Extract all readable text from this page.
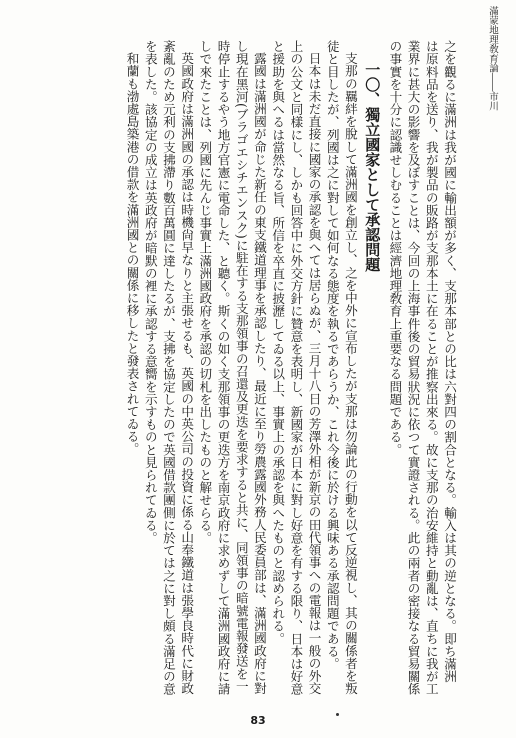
滿蒙地理敎育論――市川

之を觀るに滿洲は我が國に輸出額が多く、支那本部との比は六對四の割合となる。輸入は其の逆となる。即ち滿洲

は原料品を送り、我が製品の販路が支那本土に在ることが推察出來る。故に支那の治安維持と動亂は、直ちに我が工

業界に甚大の影響を及ぼすことは、今回の上海事件後の貿易狀況に依つて實證される。此の兩者の密接なる貿易關係

の事實を十分に認識せしむることは經濟地理敎育上重要なる問題である。

一〇、獨立國家として承認問題

支那の羈絆を脫して滿洲國を創立し、之を中外に宣布したが支那は勿論此の行動を以て反逆視し、其の關係者を叛

徒と目したが、列國は之に對して如何なる態度を執るであらうか、これ今後に於ける興味ある承認問題である。

日本は未だ直接に國家の承認を與へては居らぬが、三月十八日の芳澤外相が新京の田代領事への電報は一般の外交

上の公文と同樣にし、しかも回答中に外交方針に贊意を表明し、新國家が日本に對し好意を有する限り、日本は好意

と援助を與へるは當然なる旨、所信を卒直に披瀝してゐる以上、事實上の承認を與へたものと認められる。

露國は滿洲國が命じた新任の東支鐵道理事を承認したり、最近に至り勞農露國外務人民委員部は、滿洲國政府に對

し現在黑河(ブラゴエシチエンスク)に駐在する支那領事の召還及更迭を要求すると共に、同領事の暗號電報發送を一

時停止するやう地方官憲に電命した、と聽く。斯くの如く支那領事の更迭方を南京政府に求めずして滿洲國政府に請

しで來たことは、列國に先んじ事實上滿洲國政府を承認の切札を出したものと解せらる。

英國政府は滿洲國の承認は時機尙早なりと主張せるも、英國の中英公司の投資に係る山奉鐵道は張學良時代に財政

紊亂のため元利の支拂滯り數百萬圓に達したるが、支拂を協定したので英國借款團側に於ては之に對し頗る滿足の意

を表した。該協定の成立は英政府が暗默の裡に承認する意嚮を示すものと見られてゐる。

和蘭も渤處島築港の借款を滿洲國との關係に移したと發表されてゐる。

83
